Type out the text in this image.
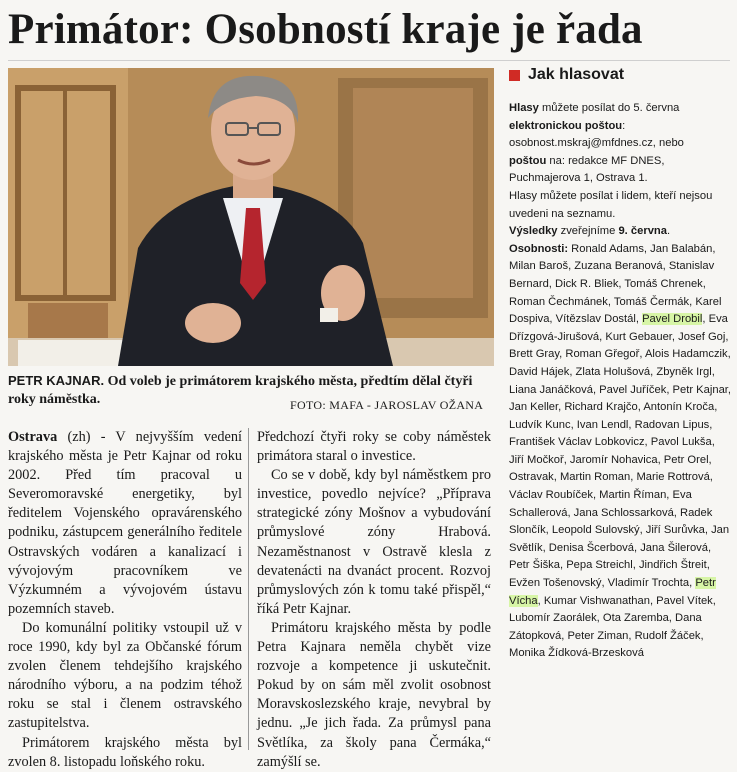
Primátor: Osobností kraje je řada
PETR KAJNAR. Od voleb je primátorem krajského města, předtím dělal čtyři roky náměstka.	FOTO: MAFA - JAROSLAV OŽANA

Ostrava (zh) - V nejvyšším vedení krajského města je Petr Kajnar od roku 2002. Před tím pracoval u Severomoravské energetiky, byl ředitelem Vojenského opravárenského podniku, zástupcem generálního ředitele Ostravských vodáren a kanalizací i vývojovým pracovníkem ve Výzkumném a vývojovém ústavu pozemních staveb.

Do komunální politiky vstoupil už v roce 1990, kdy byl za Občanské fórum zvolen členem tehdejšího krajského národního výboru, a na podzim téhož roku se stal i členem ostravského zastupitelstva.

Primátorem krajského města byl zvolen 8. listopadu loňského roku.

Předchozí čtyři roky se coby náměstek primátora staral o investice.

Co se v době, kdy byl náměstkem pro investice, povedlo nejvíce? „Příprava strategické zóny Mošnov a vybudování průmyslové zóny Hrabová. Nezaměstnanost v Ostravě klesla z devatenácti na dvanáct procent. Rozvoj průmyslových zón k tomu také přispěl,“ říká Petr Kajnar.

Primátoru krajského města by podle Petra Kajnara neměla chybět vize rozvoje a kompetence ji uskutečnit. Pokud by on sám měl zvolit osobnost Moravskoslezského kraje, nevybral by jednu. „Je jich řada. Za průmysl pana Světlíka, za školy pana Čermáka,“ zamýšlí se.

Jak hlasovat

Hlasy můžete posílat do 5. června elektronickou poštou:

osobnost.mskraj@mfdnes.cz, nebo

poštou na: redakce MF DNES, Puchmajerova 1, Ostrava 1.

Hlasy můžete posílat i lidem, kteří nejsou uvedeni na seznamu.

Výsledky zveřejníme 9. června.

Osobnosti: Ronald Adams, Jan Balabán, Milan Baroš, Zuzana Beranová, Stanislav Bernard, Dick R. Bliek, Tomáš Chrenek, Roman Čechmánek, Tomáš Čermák, Karel Dospiva, Vítězslav Dostál, Pavel Drobil, Eva Dřízgová-Jirušová, Kurt Gebauer, Josef Goj, Brett Gray, Roman Gřegoř, Alois Hadamczik, David Hájek, Zlata Holušová, Zbyněk Irgl, Liana Janáčková, Pavel Juříček, Petr Kajnar, Jan Keller, Richard Krajčo, Antonín Kroča, Ludvík Kunc, Ivan Lendl, Radovan Lipus, František Václav Lobkovicz, Pavol Lukša, Jiří Močkoř, Jaromír Nohavica, Petr Orel, Ostravak, Martin Roman, Marie Rottrová, Václav Roubíček, Martin Říman, Eva Schallerová, Jana Schlossarková, Radek Slončík, Leopold Sulovský, Jiří Surůvka, Jan Světlík, Denisa Šcerbová, Jana Šilerová, Petr Šiška, Pepa Streichl, Jindřich Štreit, Evžen Tošenovský, Vladimír Trochta, Petr Vícha, Kumar Vishwanathan, Pavel Vítek, Lubomír Zaorálek, Ota Zaremba, Dana Zátopková, Peter Ziman, Rudolf Žáček, Monika Žídková-Brzesková
